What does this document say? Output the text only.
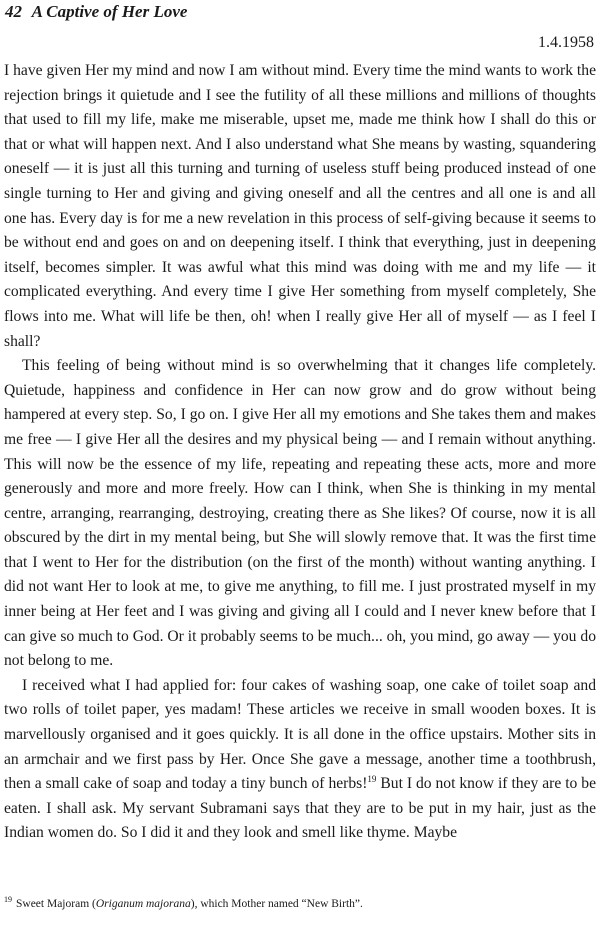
42 A Captive of Her Love
1.4.1958

I have given Her my mind and now I am without mind. Every time the mind wants to work the rejection brings it quietude and I see the futility of all these millions and millions of thoughts that used to fill my life, make me miserable, upset me, made me think how I shall do this or that or what will happen next. And I also understand what She means by wasting, squandering oneself — it is just all this turning and turning of useless stuff being produced instead of one single turning to Her and giving and giving oneself and all the centres and all one is and all one has. Every day is for me a new revelation in this process of self-giving because it seems to be without end and goes on and on deepening itself. I think that everything, just in deepening itself, becomes simpler. It was awful what this mind was doing with me and my life — it complicated everything. And every time I give Her something from myself completely, She flows into me. What will life be then, oh! when I really give Her all of myself — as I feel I shall?

This feeling of being without mind is so overwhelming that it changes life completely. Quietude, happiness and confidence in Her can now grow and do grow without being hampered at every step. So, I go on. I give Her all my emotions and She takes them and makes me free — I give Her all the desires and my physical being — and I remain without anything. This will now be the essence of my life, repeating and repeating these acts, more and more generously and more and more freely. How can I think, when She is thinking in my mental centre, arranging, rearranging, destroying, creating there as She likes? Of course, now it is all obscured by the dirt in my mental being, but She will slowly remove that. It was the first time that I went to Her for the distribution (on the first of the month) without wanting anything. I did not want Her to look at me, to give me anything, to fill me. I just prostrated myself in my inner being at Her feet and I was giving and giving all I could and I never knew before that I can give so much to God. Or it probably seems to be much... oh, you mind, go away — you do not belong to me.

I received what I had applied for: four cakes of washing soap, one cake of toilet soap and two rolls of toilet paper, yes madam! These articles we receive in small wooden boxes. It is marvellously organised and it goes quickly. It is all done in the office upstairs. Mother sits in an armchair and we first pass by Her. Once She gave a message, another time a toothbrush, then a small cake of soap and today a tiny bunch of herbs!$^{19}$ But I do not know if they are to be eaten. I shall ask. My servant Subramani says that they are to be put in my hair, just as the Indian women do. So I did it and they look and smell like thyme. Maybe

$^{19}$ Sweet Majoram (Origanum majorana), which Mother named “New Birth”.
